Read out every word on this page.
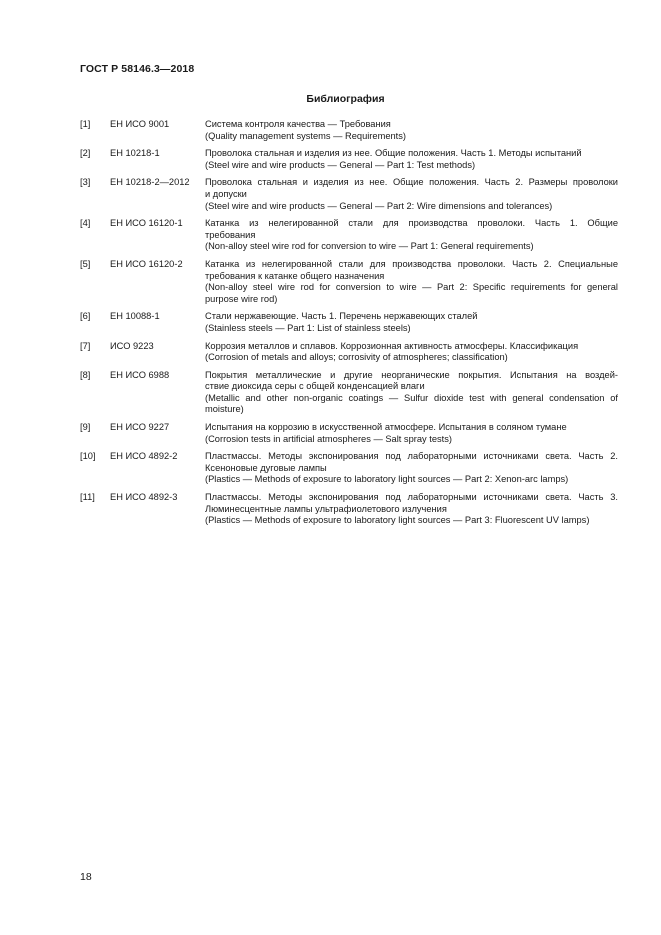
ГОСТ Р 58146.3—2018
Библиография
[1]	ЕН ИСО 9001	Система контроля качества — Требования
(Quality management systems — Requirements)
[2]	ЕН 10218-1	Проволока стальная и изделия из нее. Общие положения. Часть 1. Методы испытаний
(Steel wire and wire products — General — Part 1: Test methods)
[3]	ЕН 10218-2—2012	Проволока стальная и изделия из нее. Общие положения. Часть 2. Размеры проволоки
и допуски
(Steel wire and wire products — General — Part 2: Wire dimensions and tolerances)
[4]	ЕН ИСО 16120-1	Катанка из нелегированной стали для производства проволоки. Часть 1. Общие
требования
(Non-alloy steel wire rod for conversion to wire — Part 1: General requirements)
[5]	ЕН ИСО 16120-2	Катанка из нелегированной стали для производства проволоки. Часть 2. Специальные
требования к катанке общего назначения
(Non-alloy steel wire rod for conversion to wire — Part 2: Specific requirements for general
purpose wire rod)
[6]	ЕН 10088-1	Стали нержавеющие. Часть 1. Перечень нержавеющих сталей
(Stainless steels — Part 1: List of stainless steels)
[7]	ИСО 9223	Коррозия металлов и сплавов. Коррозионная активность атмосферы. Классификация
(Corrosion of metals and alloys; corrosivity of atmospheres; classification)
[8]	ЕН ИСО 6988	Покрытия металлические и другие неорганические покрытия. Испытания на воздей-
ствие диоксида серы с общей конденсацией влаги
(Metallic and other non-organic coatings — Sulfur dioxide test with general condensation of
moisture)
[9]	ЕН ИСО 9227	Испытания на коррозию в искусственной атмосфере. Испытания в соляном тумане
(Corrosion tests in artificial atmospheres — Salt spray tests)
[10]	ЕН ИСО 4892-2	Пластмассы. Методы экспонирования под лабораторными источниками света. Часть 2.
Ксеноновые дуговые лампы
(Plastics — Methods of exposure to laboratory light sources — Part 2: Xenon-arc lamps)
[11]	ЕН ИСО 4892-3	Пластмассы. Методы экспонирования под лабораторными источниками света. Часть 3.
Люминесцентные лампы ультрафиолетового излучения
(Plastics — Methods of exposure to laboratory light sources — Part 3: Fluorescent UV lamps)
18
